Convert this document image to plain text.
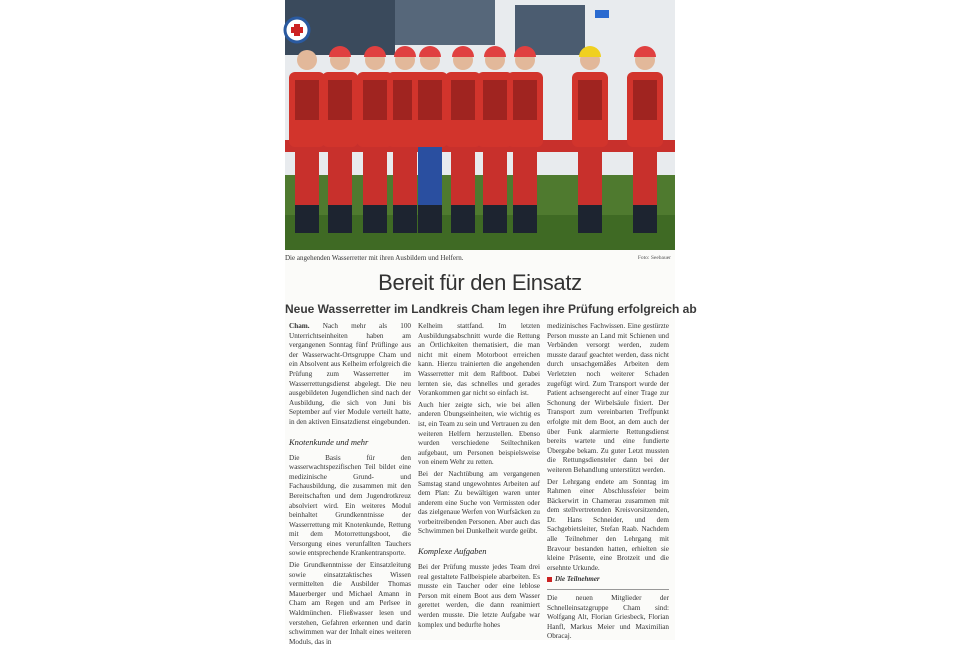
Die angehenden Wasserretter mit ihren Ausbildern und Helfern.	Foto: Seebauer
Bereit für den Einsatz
Neue Wasserretter im Landkreis Cham legen ihre Prüfung erfolgreich ab

Cham. Nach mehr als 100 Unterrichtseinheiten haben am vergangenen Sonntag fünf Prüflinge aus der Wasserwacht-Ortsgruppe Cham und ein Absolvent aus Kelheim erfolgreich die Prüfung zum Wasserretter im Wasserrettungsdienst abgelegt. Die neu ausgebildeten Jugendlichen sind nach der Ausbildung, die sich von Juni bis September auf vier Module verteilt hatte, in den aktiven Einsatzdienst eingebunden.

Knotenkunde und mehr

Die Basis für den wasserwachtspezifischen Teil bildet eine medizinische Grund- und Fachausbildung, die zusammen mit den Bereitschaften und dem Jugendrotkreuz absolviert wird. Ein weiteres Modul beinhaltet Grundkenntnisse der Wasserrettung mit Knotenkunde, Rettung mit dem Motorrettungsboot, die Versorgung eines verunfallten Tauchers sowie entsprechende Krankentransporte.

Die Grundkenntnisse der Einsatzleitung sowie einsatztaktisches Wissen vermittelten die Ausbilder Thomas Mauerberger und Michael Amann in Cham am Regen und am Perlsee in Waldmünchen. Fließwasser lesen und verstehen, Gefahren erkennen und darin schwimmen war der Inhalt eines weiteren Moduls, das in

Kelheim stattfand. Im letzten Ausbildungsabschnitt wurde die Rettung an Örtlichkeiten thematisiert, die man nicht mit einem Motorboot erreichen kann. Hierzu trainierten die angehenden Wasserretter mit dem Raftboot. Dabei lernten sie, das schnelles und gerades Vorankommen gar nicht so einfach ist.

Auch hier zeigte sich, wie bei allen anderen Übungseinheiten, wie wichtig es ist, ein Team zu sein und Vertrauen zu den weiteren Helfern herzustellen. Ebenso wurden verschiedene Seiltechniken aufgebaut, um Personen beispielsweise von einem Wehr zu retten.

Bei der Nachtübung am vergangenen Samstag stand ungewohntes Arbeiten auf dem Plan: Zu bewältigen waren unter anderem eine Suche von Vermissten oder das zielgenaue Werfen von Wurfsäcken zu vorbeitreibenden Personen. Aber auch das Schwimmen bei Dunkelheit wurde geübt.

Komplexe Aufgaben

Bei der Prüfung musste jedes Team drei real gestaltete Fallbeispiele abarbeiten. Es musste ein Taucher oder eine leblose Person mit einem Boot aus dem Wasser gerettet werden, die dann reanimiert werden musste. Die letzte Aufgabe war komplex und bedurfte hohes

medizinisches Fachwissen. Eine gestürzte Person musste an Land mit Schienen und Verbänden versorgt werden, zudem musste darauf geachtet werden, dass nicht durch unsachgemäßes Arbeiten dem Verletzten noch weiterer Schaden zugefügt wird. Zum Transport wurde der Patient achsengerecht auf einer Trage zur Schonung der Wirbelsäule fixiert. Der Transport zum vereinbarten Treffpunkt erfolgte mit dem Boot, an dem auch der über Funk alarmierte Rettungsdienst bereits wartete und eine fundierte Übergabe bekam. Zu guter Letzt mussten die Rettungsdiensteler dann bei der weiteren Behandlung unterstützt werden.

Der Lehrgang endete am Sonntag im Rahmen einer Abschlussfeier beim Bäckerwirt in Chamerau zusammen mit dem stellvertretenden Kreisvorsitzenden, Dr. Hans Schneider, und dem Sachgebietsleiter, Stefan Raab. Nachdem alle Teilnehmer den Lehrgang mit Bravour bestanden hatten, erhielten sie kleine Präsente, eine Brotzeit und die ersehnte Urkunde.

Die Teilnehmer

Die neuen Mitglieder der Schnelleinsatzgruppe Cham sind: Wolfgang Alt, Florian Griesbeck, Florian Hanfl, Markus Meier und Maximilian Obracaj.
